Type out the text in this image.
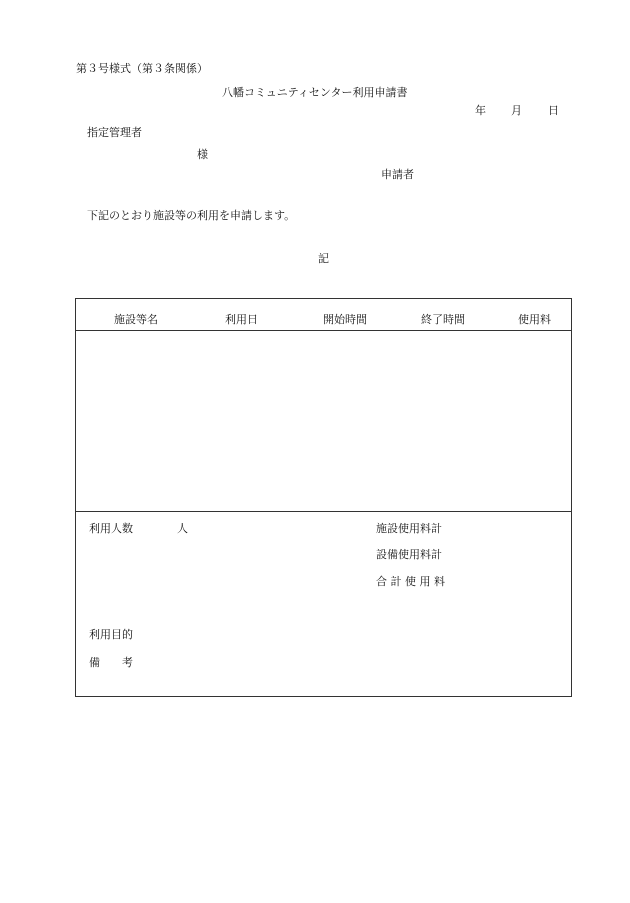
第３号様式（第３条関係）
八幡コミュニティセンター利用申請書
年 月 日
指定管理者
様
申請者
下記のとおり施設等の利用を申請します。
記
施設等名	利用日	開始時間	終了時間	使用料
利用人数	人	施設使用料計
設備使用料計
合 計 使 用 料
利用目的
備　　考
